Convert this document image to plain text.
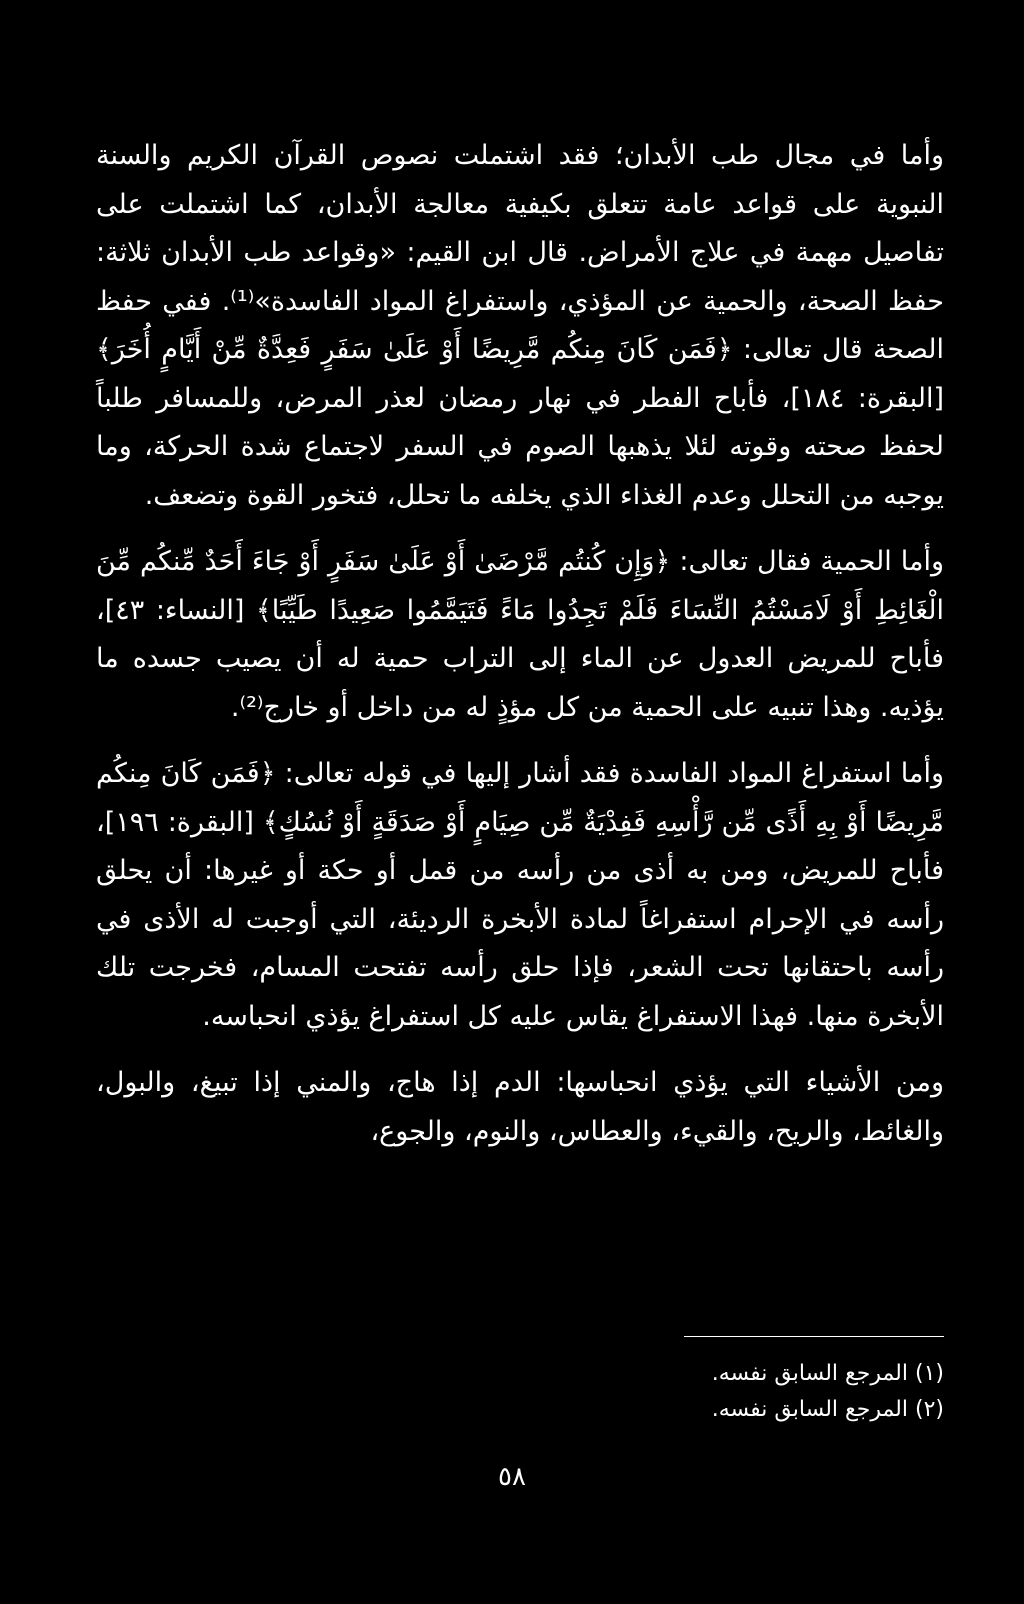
وأما في مجال طب الأبدان؛ فقد اشتملت نصوص القرآن الكريم والسنة النبوية على قواعد عامة تتعلق بكيفية معالجة الأبدان، كما اشتملت على تفاصيل مهمة في علاج الأمراض. قال ابن القيم: «وقواعد طب الأبدان ثلاثة: حفظ الصحة، والحمية عن المؤذي، واستفراغ المواد الفاسدة»⁽¹⁾. ففي حفظ الصحة قال تعالى: ﴿فَمَن كَانَ مِنكُم مَّرِيضًا أَوْ عَلَىٰ سَفَرٍ فَعِدَّةٌ مِّنْ أَيَّامٍ أُخَرَ﴾ [البقرة: ١٨٤]، فأباح الفطر في نهار رمضان لعذر المرض، وللمسافر طلباً لحفظ صحته وقوته لئلا يذهبها الصوم في السفر لاجتماع شدة الحركة، وما يوجبه من التحلل وعدم الغذاء الذي يخلفه ما تحلل، فتخور القوة وتضعف.

وأما الحمية فقال تعالى: ﴿وَإِن كُنتُم مَّرْضَىٰ أَوْ عَلَىٰ سَفَرٍ أَوْ جَاءَ أَحَدٌ مِّنكُم مِّنَ الْغَائِطِ أَوْ لَامَسْتُمُ النِّسَاءَ فَلَمْ تَجِدُوا مَاءً فَتَيَمَّمُوا صَعِيدًا طَيِّبًا﴾ [النساء: ٤٣]، فأباح للمريض العدول عن الماء إلى التراب حمية له أن يصيب جسده ما يؤذيه. وهذا تنبيه على الحمية من كل مؤذٍ له من داخل أو خارج⁽²⁾.

وأما استفراغ المواد الفاسدة فقد أشار إليها في قوله تعالى: ﴿فَمَن كَانَ مِنكُم مَّرِيضًا أَوْ بِهِ أَذًى مِّن رَّأْسِهِ فَفِدْيَةٌ مِّن صِيَامٍ أَوْ صَدَقَةٍ أَوْ نُسُكٍ﴾ [البقرة: ١٩٦]، فأباح للمريض، ومن به أذى من رأسه من قمل أو حكة أو غيرها: أن يحلق رأسه في الإحرام استفراغاً لمادة الأبخرة الرديئة، التي أوجبت له الأذى في رأسه باحتقانها تحت الشعر، فإذا حلق رأسه تفتحت المسام، فخرجت تلك الأبخرة منها. فهذا الاستفراغ يقاس عليه كل استفراغ يؤذي انحباسه.

ومن الأشياء التي يؤذي انحباسها: الدم إذا هاج، والمني إذا تبيغ، والبول، والغائط، والريح، والقيء، والعطاس، والنوم، والجوع،

(١) المرجع السابق نفسه.
(٢) المرجع السابق نفسه.
٥٨
